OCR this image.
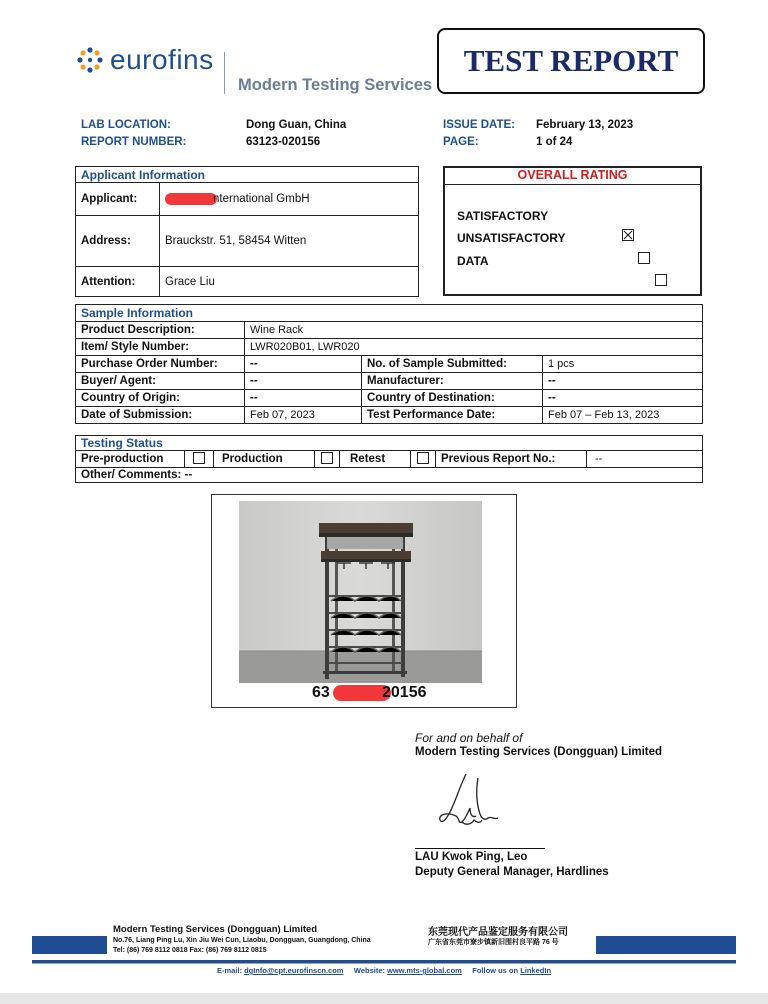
eurofins
Modern Testing Services
TEST REPORT
LAB LOCATION:	Dong Guan, China
REPORT NUMBER:	63123-020156
ISSUE DATE: February 13, 2023
PAGE:	1 of 24
Applicant Information	
Applicant:	nternational GmbH
Address:	Brauckstr. 51, 58454 Witten
Attention:	Grace Liu
OVERALL RATING
SATISFACTORY
UNSATISFACTORY
DATA

Sample Information			
Product Description:	Wine Rack		
Item/ Style Number:	LWR020B01, LWR020		
Purchase Order Number:	--	No. of Sample Submitted:	1 pcs
Buyer/ Agent:	--	Manufacturer:	--
Country of Origin:	--	Country of Destination:	--
Date of Submission:	Feb 07, 2023	Test Performance Date:	Feb 07 – Feb 13, 2023
Testing Status

Pre-production	Production	Retest	Previous Report No.:	--

Other/ Comments: --
63	20156
For and on behalf of
Modern Testing Services (Dongguan) Limited
LAU Kwok Ping, Leo
Deputy General Manager, Hardlines
Modern Testing Services (Dongguan) Limited
No.76, Liang Ping Lu, Xin Jiu Wei Cun, Liaobu, Dongguan, Guangdong, China
Tel: (86) 769 8112 0818 Fax: (86) 769 8112 0815
东莞现代产品鉴定服务有限公司
广东省东莞市寮步镇新旧围村良平路 76 号
E-mail: dgInfo@cpt.eurofinscn.com Website: www.mts-global.com Follow us on LinkedIn
